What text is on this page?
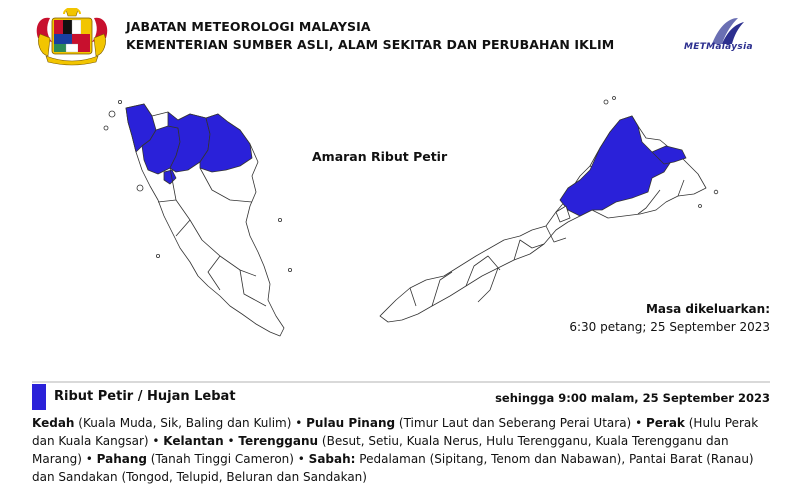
JABATAN METEOROLOGI MALAYSIA
KEMENTERIAN SUMBER ASLI, ALAM SEKITAR DAN PERUBAHAN IKLIM	METMalaysia
Amaran Ribut Petir
Masa dikeluarkan:
6:30 petang; 25 September 2023
Ribut Petir / Hujan Lebat	sehingga 9:00 malam, 25 September 2023
Kedah (Kuala Muda, Sik, Baling dan Kulim) • Pulau Pinang (Timur Laut dan Seberang Perai Utara) • Perak (Hulu Perak dan Kuala Kangsar) • Kelantan • Terengganu (Besut, Setiu, Kuala Nerus, Hulu Terengganu, Kuala Terengganu dan Marang) • Pahang (Tanah Tinggi Cameron) • Sabah: Pedalaman (Sipitang, Tenom dan Nabawan), Pantai Barat (Ranau) dan Sandakan (Tongod, Telupid, Beluran dan Sandakan)
